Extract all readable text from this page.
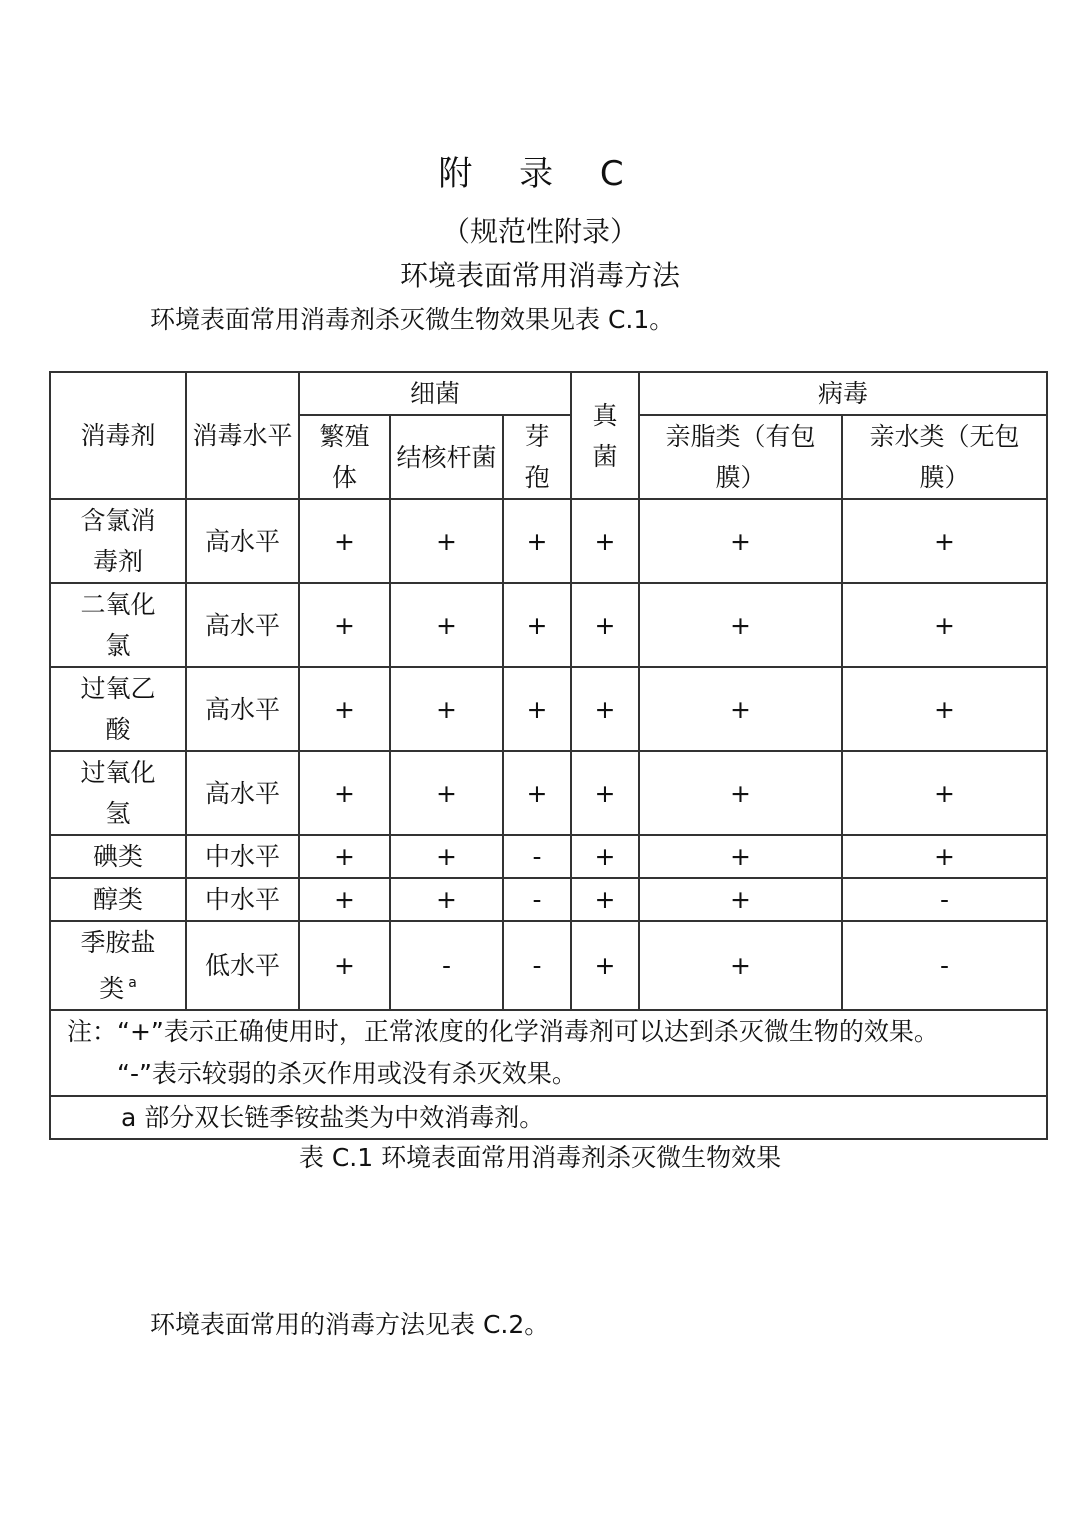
附 录 C
（规范性附录）
环境表面常用消毒方法
环境表面常用消毒剂杀灭微生物效果见表 C.1。
消毒剂	消毒水平	细菌			真菌	病毒	
		繁殖体	结核杆菌	芽孢		亲脂类（有包膜）	亲水类（无包膜）
含氯消毒剂	高水平	+	+	+	+	+	+
二氧化氯	高水平	+	+	+	+	+	+
过氧乙酸	高水平	+	+	+	+	+	+
过氧化氢	高水平	+	+	+	+	+	+
碘类	中水平	+	+	-	+	+	+
醇类	中水平	+	+	-	+	+	-
季胺盐类 $^a$	低水平	+	-	-	+	+	-
注：“+”表示正确使用时，正常浓度的化学消毒剂可以达到杀灭微生物的效果。
“-”表示较弱的杀灭作用或没有杀灭效果。							

a 部分双长链季铵盐类为中效消毒剂。							
表 C.1 环境表面常用消毒剂杀灭微生物效果
环境表面常用的消毒方法见表 C.2。
